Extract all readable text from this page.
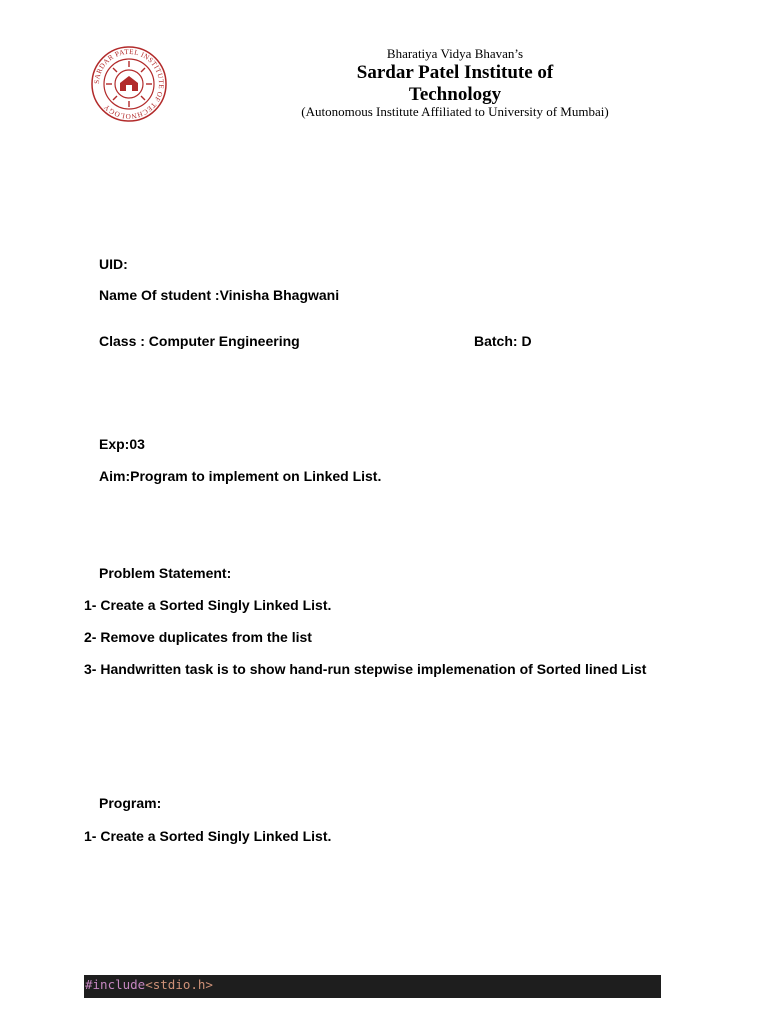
SARDAR PATEL INSTITUTE OF TECHNOLOGY
Bharatiya Vidya Bhavan’s
Sardar Patel Institute of
Technology
(Autonomous Institute Affiliated to University of Mumbai)
UID:
Name Of student :Vinisha Bhagwani
Class : Computer Engineering	Batch: D
Exp:03
Aim:Program to implement on Linked List.
Problem Statement:
1- Create a Sorted Singly Linked List.
2- Remove duplicates from the list
3- Handwritten task is to show hand-run stepwise implemenation of Sorted lined List
Program:
1- Create a Sorted Singly Linked List.
#include<stdio.h>
